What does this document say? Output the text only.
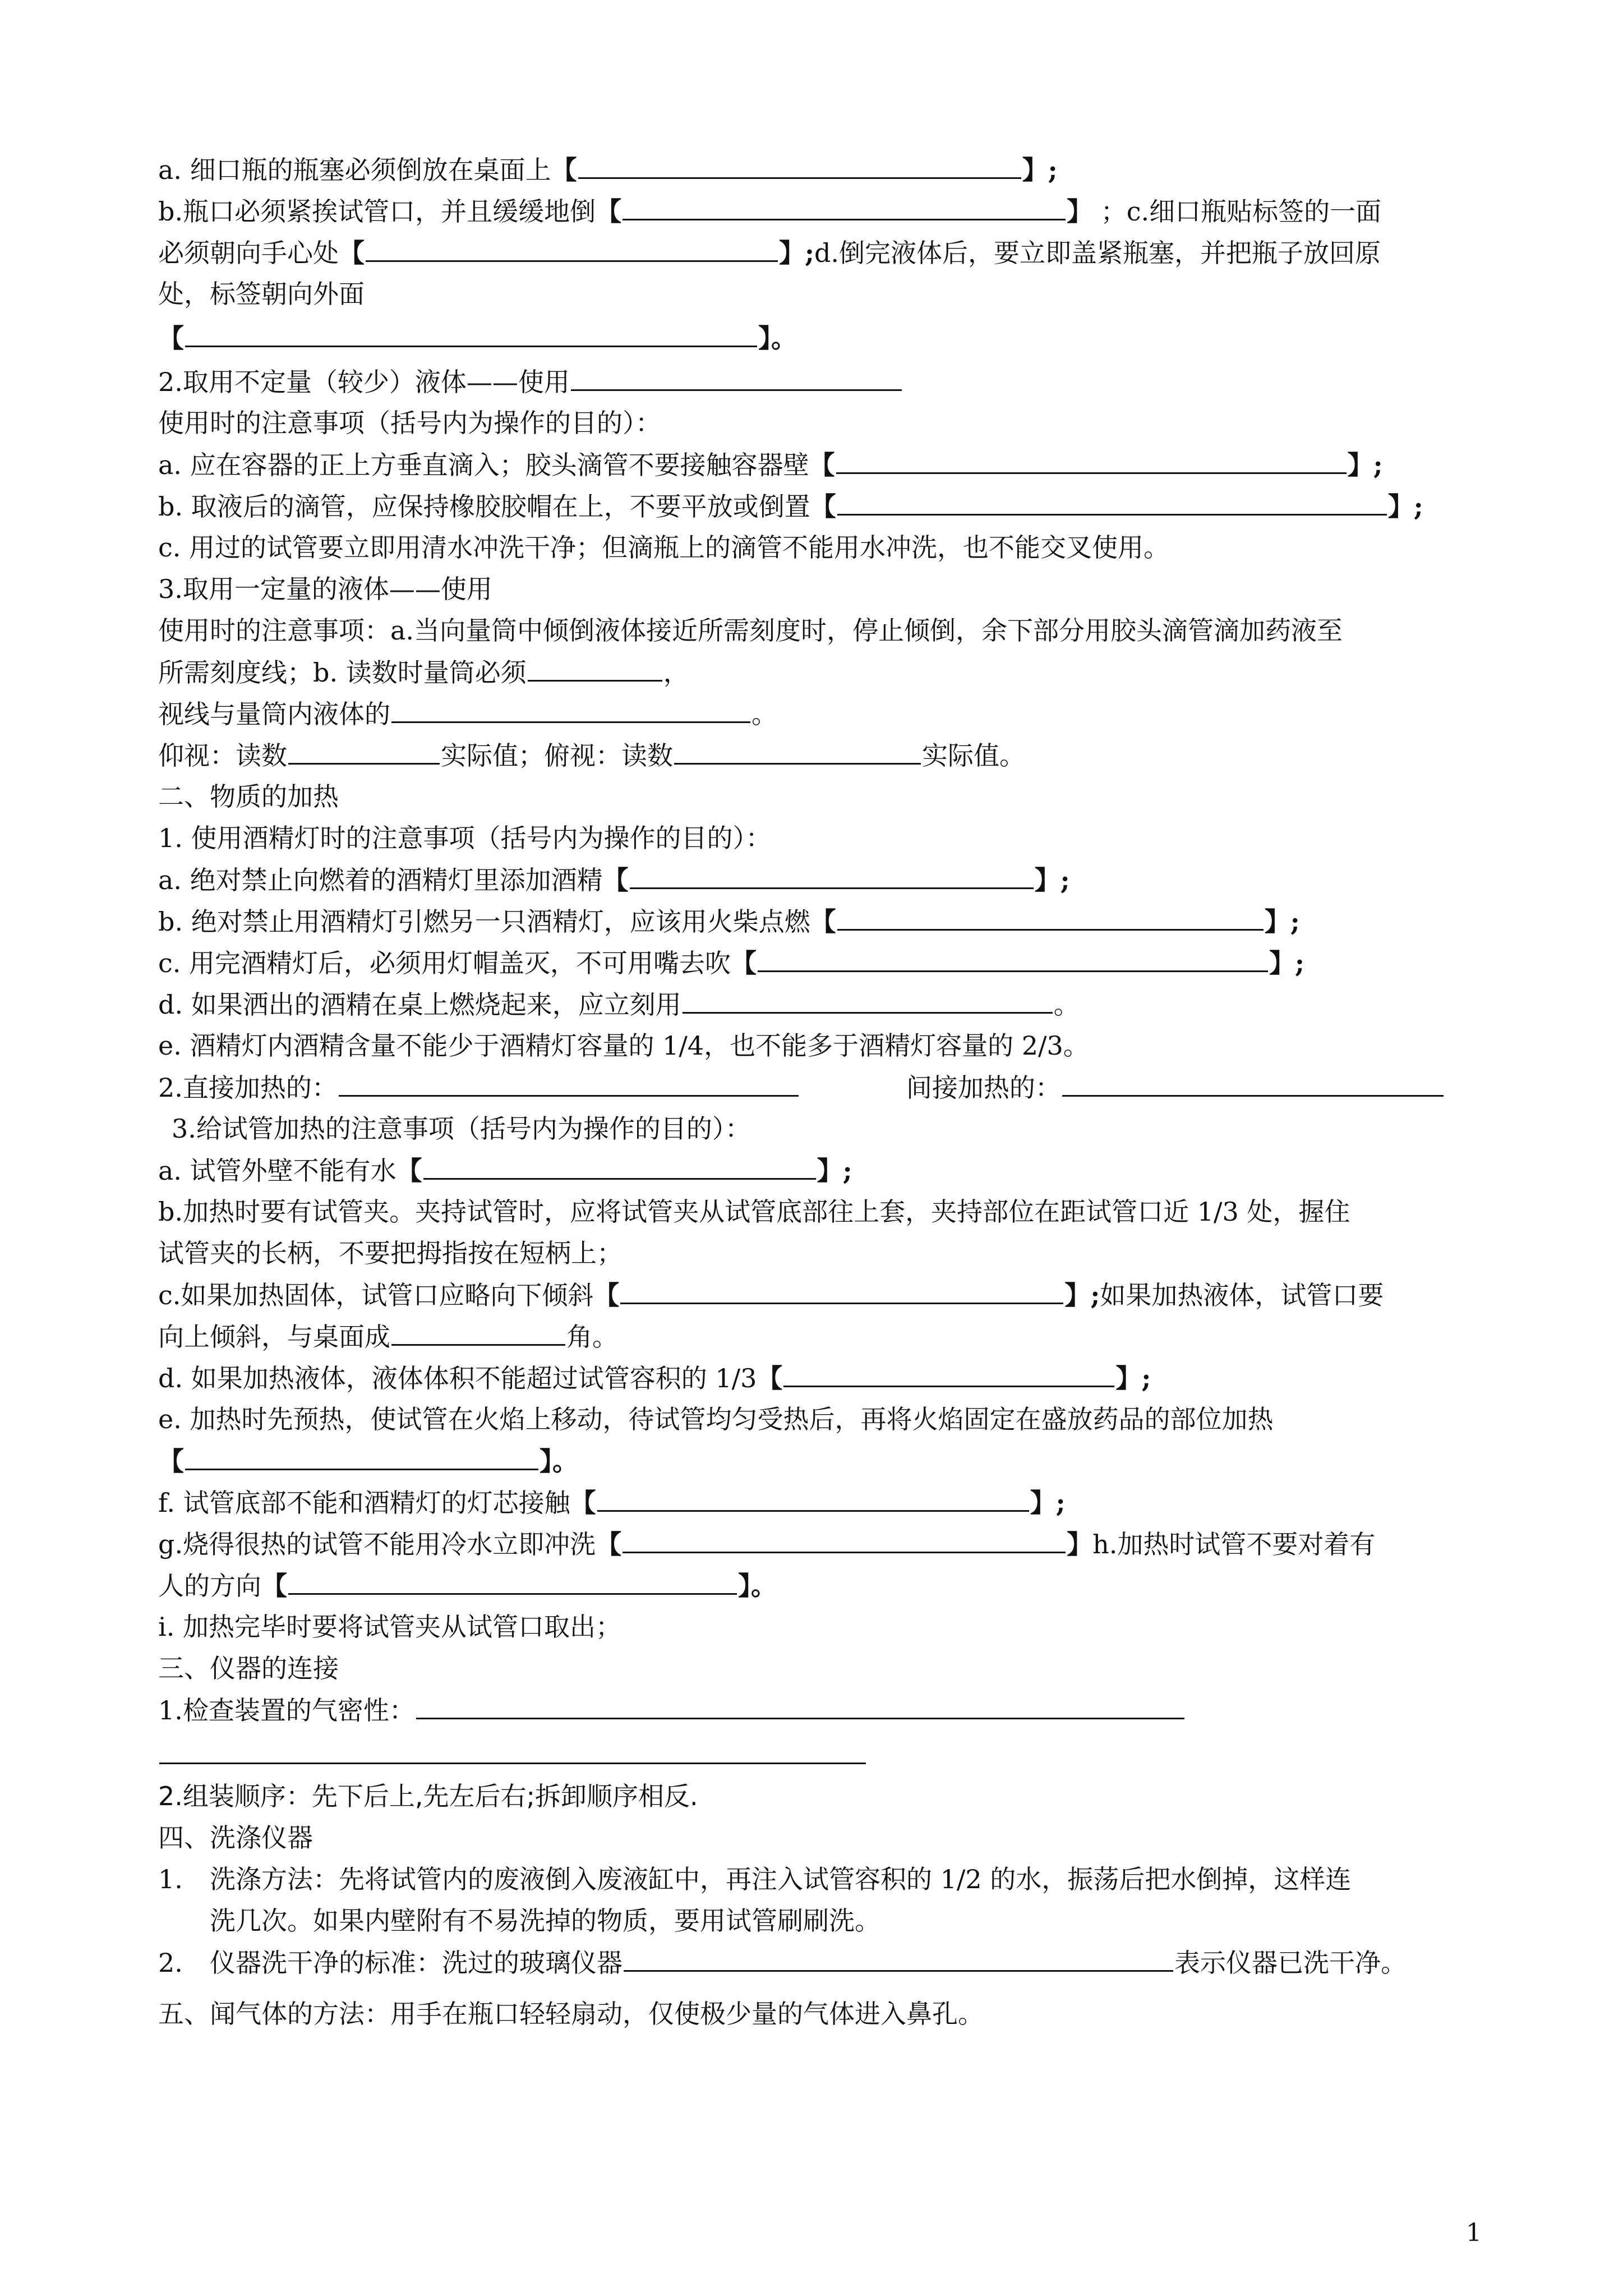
a. 细口瓶的瓶塞必须倒放在桌面上【	】;
b.瓶口必须紧挨试管口，并且缓缓地倒【	】 ；c.细口瓶贴标签的一面
必须朝向手心处【	】;d.倒完液体后，要立即盖紧瓶塞，并把瓶子放回原
处，标签朝向外面
【	】。
2.取用不定量（较少）液体——使用
使用时的注意事项（括号内为操作的目的）：
a. 应在容器的正上方垂直滴入；胶头滴管不要接触容器壁【	】;
b. 取液后的滴管，应保持橡胶胶帽在上，不要平放或倒置【	】;
c. 用过的试管要立即用清水冲洗干净；但滴瓶上的滴管不能用水冲洗，也不能交叉使用。
3.取用一定量的液体——使用
使用时的注意事项：a.当向量筒中倾倒液体接近所需刻度时，停止倾倒，余下部分用胶头滴管滴加药液至
所需刻度线；b. 读数时量筒必须	，
视线与量筒内液体的	。
仰视：读数	实际值；俯视：读数	实际值。
二、物质的加热
1. 使用酒精灯时的注意事项（括号内为操作的目的）：
a. 绝对禁止向燃着的酒精灯里添加酒精【	】;
b. 绝对禁止用酒精灯引燃另一只酒精灯，应该用火柴点燃【	】;
c. 用完酒精灯后，必须用灯帽盖灭，不可用嘴去吹【	】;
d. 如果洒出的酒精在桌上燃烧起来，应立刻用	。
e. 酒精灯内酒精含量不能少于酒精灯容量的 1/4，也不能多于酒精灯容量的 2/3。
2.直接加热的：	间接加热的：
3.给试管加热的注意事项（括号内为操作的目的）：
a. 试管外壁不能有水【	】;
b.加热时要有试管夹。夹持试管时，应将试管夹从试管底部往上套，夹持部位在距试管口近 1/3 处，握住
试管夹的长柄，不要把拇指按在短柄上；
c.如果加热固体，试管口应略向下倾斜【	】;如果加热液体，试管口要
向上倾斜，与桌面成	角。
d. 如果加热液体，液体体积不能超过试管容积的 1/3【	】;
e. 加热时先预热，使试管在火焰上移动，待试管均匀受热后，再将火焰固定在盛放药品的部位加热
【	】。
f. 试管底部不能和酒精灯的灯芯接触【	】;
g.烧得很热的试管不能用冷水立即冲洗【	】h.加热时试管不要对着有
人的方向【	】。
i. 加热完毕时要将试管夹从试管口取出；
三、仪器的连接
1.检查装置的气密性：
2.组装顺序：先下后上,先左后右;拆卸顺序相反.
四、洗涤仪器
1. 洗涤方法：先将试管内的废液倒入废液缸中，再注入试管容积的 1/2 的水，振荡后把水倒掉，这样连
洗几次。如果内壁附有不易洗掉的物质，要用试管刷刷洗。
2. 仪器洗干净的标准：洗过的玻璃仪器	表示仪器已洗干净。
五、闻气体的方法：用手在瓶口轻轻扇动，仅使极少量的气体进入鼻孔。
1
